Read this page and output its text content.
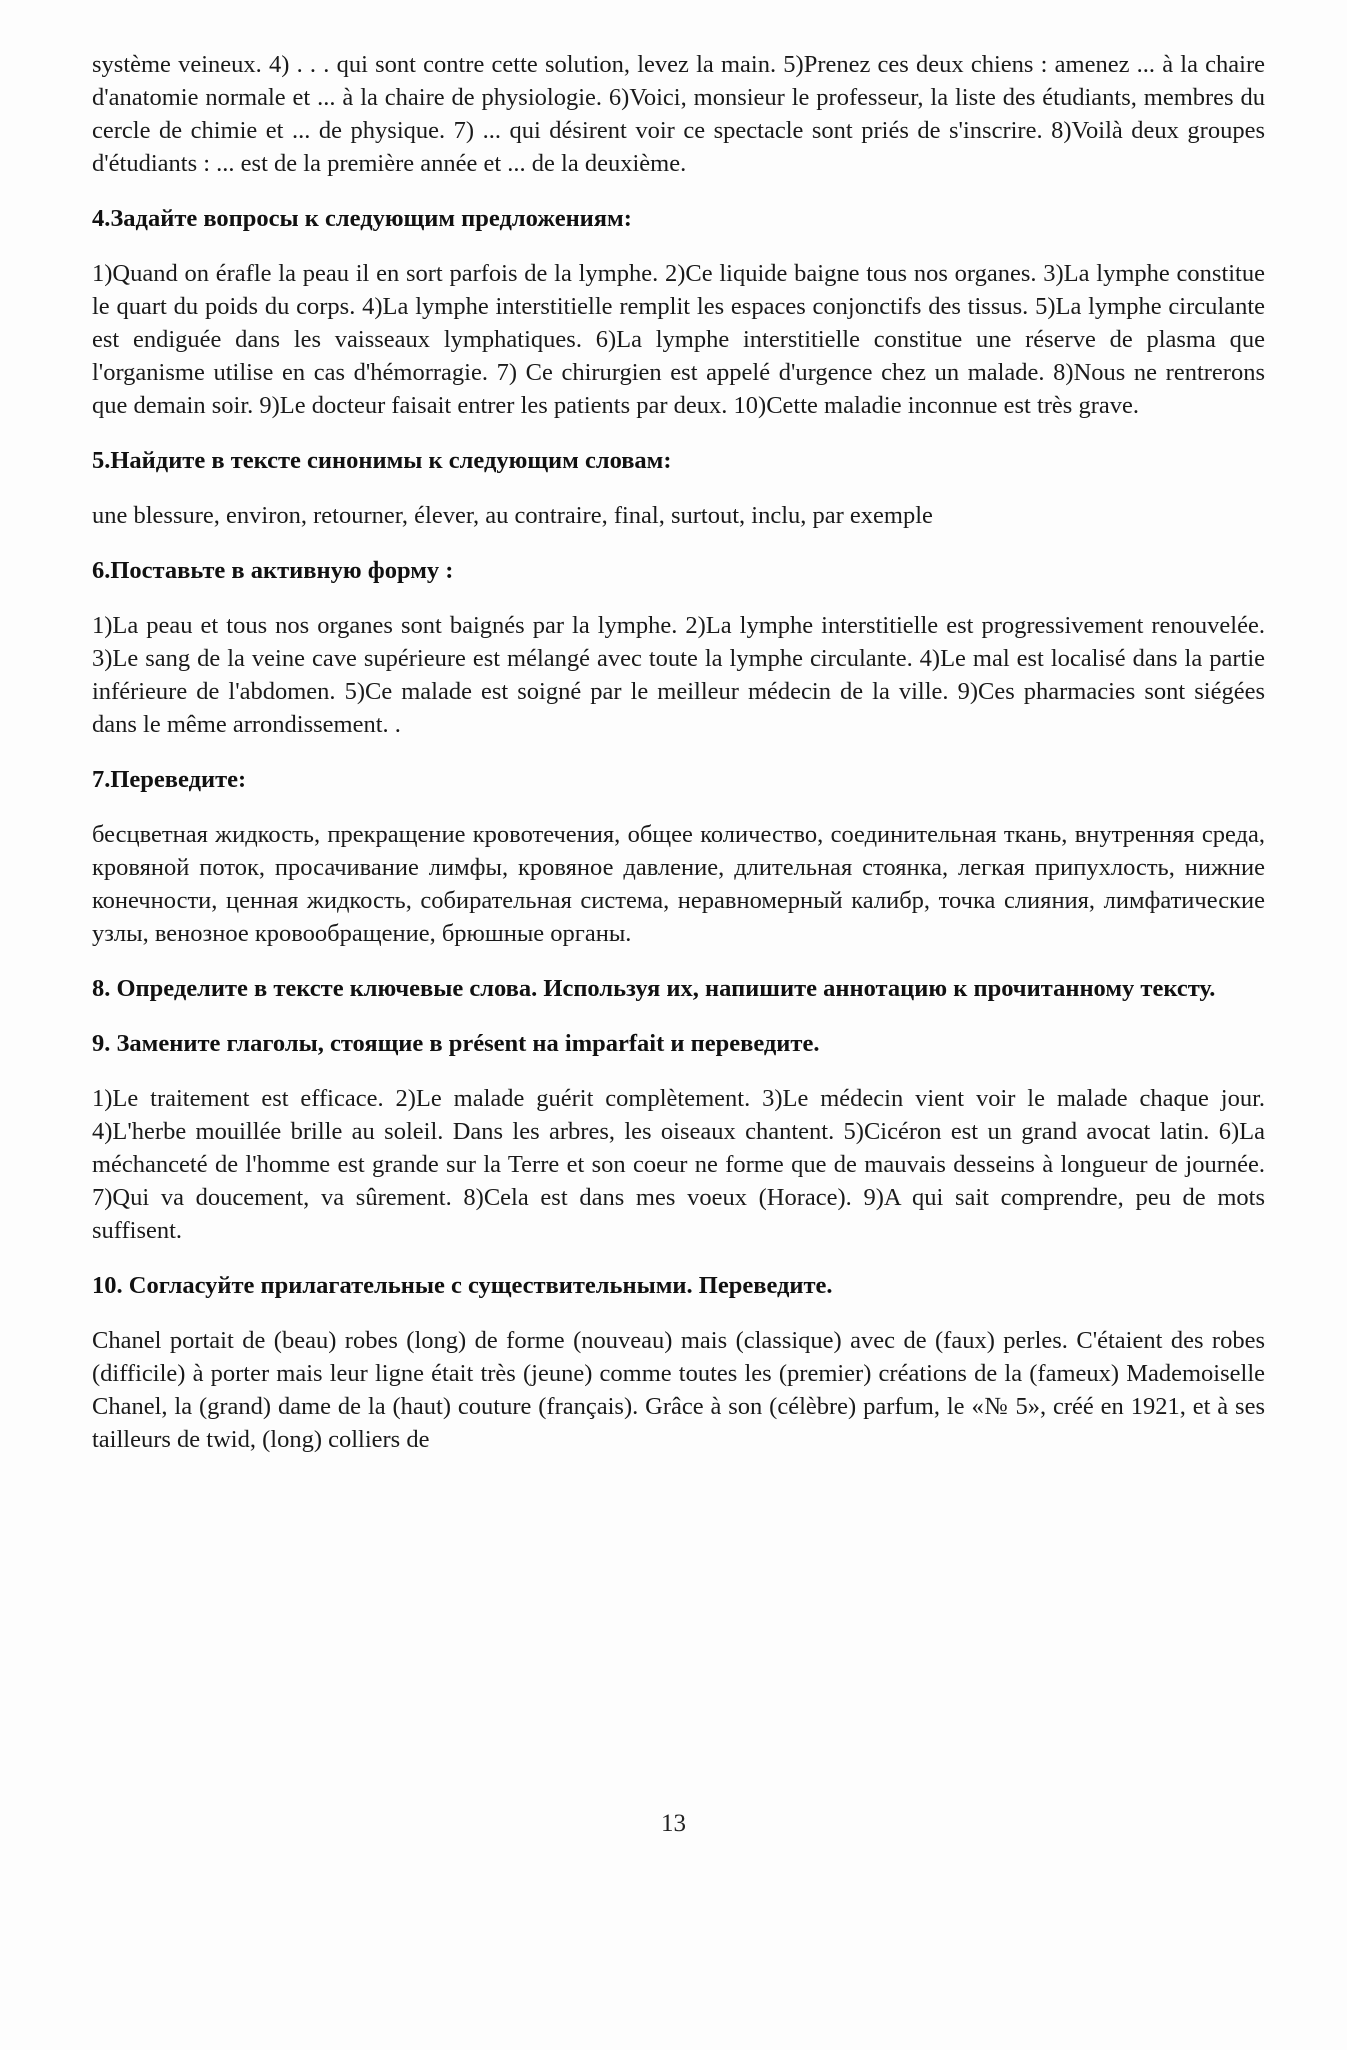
système veineux. 4) . . . qui sont contre cette solution, levez la main. 5)Prenez ces deux chiens : amenez ... à la chaire d'anatomie normale et ... à la chaire de physiologie. 6)Voici, monsieur le professeur, la liste des étudiants, membres du cercle de chimie et ... de physique. 7) ... qui désirent voir ce spectacle sont priés de s'inscrire. 8)Voilà deux groupes d'étudiants : ... est de la première année et ... de la deuxième.

4.Задайте вопросы к следующим предложениям:

1)Quand on érafle la peau il en sort parfois de la lymphe. 2)Ce liquide baigne tous nos organes. 3)La lymphe constitue le quart du poids du corps. 4)La lymphe interstitielle remplit les espaces conjonctifs des tissus. 5)La lymphe circulante est endiguée dans les vaisseaux lymphatiques. 6)La lymphe interstitielle constitue une réserve de plasma que l'organisme utilise en cas d'hémorragie. 7) Ce chirurgien est appelé d'urgence chez un malade. 8)Nous ne rentrerons que demain soir. 9)Le docteur faisait entrer les patients par deux. 10)Cette maladie inconnue est très grave.

5.Найдите в тексте синонимы к следующим словам:

une blessure, environ, retourner, élever, au contraire, final, surtout, inclu, par exemple

6.Поставьте в активную форму :

1)La peau et tous nos organes sont baignés par la lymphe. 2)La lymphe interstitielle est progressivement renouvelée. 3)Le sang de la veine cave supérieure est mélangé avec toute la lymphe circulante. 4)Le mal est localisé dans la partie inférieure de l'abdomen. 5)Ce malade est soigné par le meilleur médecin de la ville. 9)Ces pharmacies sont siégées dans le même arrondissement. .

7.Переведите:

бесцветная жидкость, прекращение кровотечения, общее количество, соединительная ткань, внутренняя среда, кровяной поток, просачивание лимфы, кровяное давление, длительная стоянка, легкая припухлость, нижние конечности, ценная жидкость, собирательная система, неравномерный калибр, точка слияния, лимфатические узлы, венозное кровообращение, брюшные органы.

8. Определите в тексте ключевые слова. Используя их, напишите аннотацию к прочитанному тексту.

9. Замените глаголы, стоящие в présent на imparfait и переведите.

1)Le traitement est efficace. 2)Le malade guérit complètement. 3)Le médecin vient voir le malade chaque jour. 4)L'herbe mouillée brille au soleil. Dans les arbres, les oiseaux chantent. 5)Cicéron est un grand avocat latin. 6)La méchanceté de l'homme est grande sur la Terre et son coeur ne forme que de mauvais desseins à longueur de journée. 7)Qui va doucement, va sûrement. 8)Cela est dans mes voeux (Horace). 9)A qui sait comprendre, peu de mots suffisent.

10. Согласуйте прилагательные с существительными. Переведите.

Chanel portait de (beau) robes (long) de forme (nouveau) mais (classique) avec de (faux) perles. C'étaient des robes (difficile) à porter mais leur ligne était très (jeune) comme toutes les (premier) créations de la (fameux) Mademoiselle Chanel, la (grand) dame de la (haut) couture (français). Grâce à son (célèbre) parfum, le «№ 5», créé en 1921, et à ses tailleurs de twid, (long) colliers de

13
